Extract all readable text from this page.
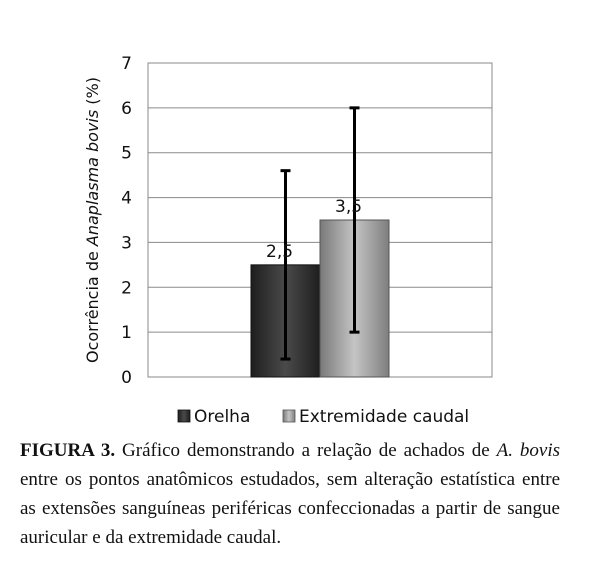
0
1
2
3
4
5
6
7
2,5
3,5
Ocorrência de Anaplasma bovis (%)
Orelha	Extremidade caudal
FIGURA 3. Gráfico demonstrando a relação de achados de A. bovis entre os pontos anatômicos estudados, sem alteração estatística entre as extensões sanguíneas periféricas confeccionadas a partir de sangue auricular e da extremidade caudal.
